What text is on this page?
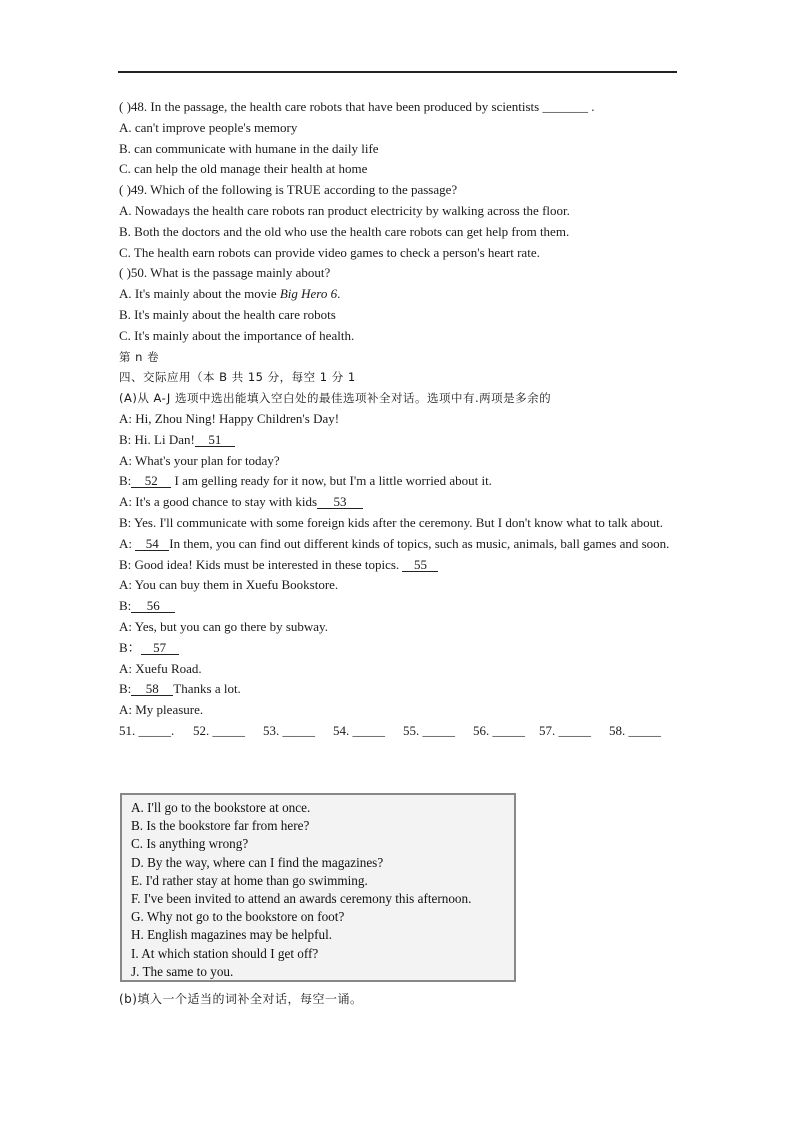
( )48. In the passage, the health care robots that have been produced by scientists _______ .
A. can't improve people's memory
B. can communicate with humane in the daily life
C. can help the old manage their health at home
( )49. Which of the following is TRUE according to the passage?
A. Nowadays the health care robots ran product electricity by walking across the floor.
B. Both the doctors and the old who use the health care robots can get help from them.
C. The health earn robots can provide video games to check a person's heart rate.
( )50. What is the passage mainly about?
A. It's mainly about the movie Big Hero 6.
B. It's mainly about the health care robots
C. It's mainly about the importance of health.
第 n 卷
四、交际应用（本 B 共 15 分，每空 1 分 1
(A)从 A-J 选项中选出能填入空白处的最佳选项补全对话。选项中有.两项是多余的
A: Hi, Zhou Ning! Happy Children's Day!
B: Hi. Li Dan! 51
A: What's your plan for today?
B: 52 I am gelling ready for it now, but I'm a little worried about it.
A: It's a good chance to stay with kids 53
B: Yes. I'll communicate with some foreign kids after the ceremony. But I don't know what to talk about.
A: 54 In them, you can find out different kinds of topics, such as music, animals, ball games and soon.
B: Good idea! Kids must be interested in these topics. 55
A: You can buy them in Xuefu Bookstore.
B: 56
A: Yes, but you can go there by subway.
B： 57
A: Xuefu Road.
B: 58 Thanks a lot.
A: My pleasure.
51. _____. 52. _____ 53. _____ 54. _____ 55. _____ 56. _____ 57. _____ 58. _____
A. I'll go to the bookstore at once.
B. Is the bookstore far from here?
C. Is anything wrong?
D. By the way, where can I find the magazines?
E. I'd rather stay at home than go swimming.
F. I've been invited to attend an awards ceremony this afternoon.
G. Why not go to the bookstore on foot?
H. English magazines may be helpful.
I. At which station should I get off?
J. The same to you.
(b)填入一个适当的词补全对话，每空一诵。
